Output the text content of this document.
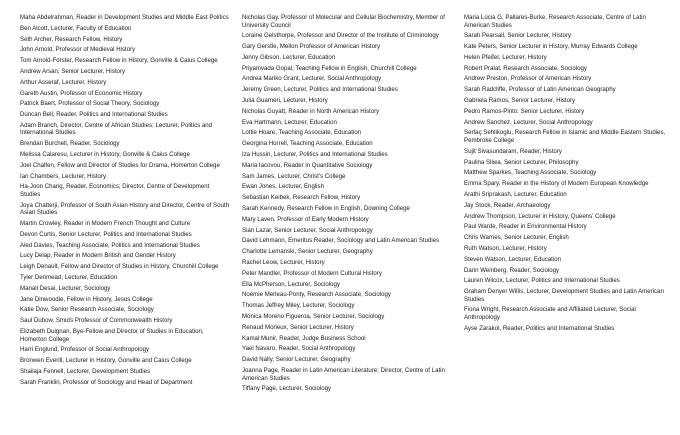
Maha Abdelrahman, Reader in Development Studies and Middle East Politics

Ben Alcott, Lecturer, Faculty of Education

Seth Archer, Research Fellow, History

John Arnold, Professor of Medieval History

Tom Arnold-Forster, Research Fellow in History, Gonville & Caius College

Andrew Arsan, Senior Lecturer, History

Arthur Asseraf, Lecturer, History

Gareth Austin, Professor of Economic History

Patrick Baert, Professor of Social Theory, Sociology

Duncan Bell, Reader, Politics and International Studies

Adam Branch, Director, Centre of African Studies; Lecturer, Politics and International Studies

Brendan Burchell, Reader, Sociology

Melissa Calaresu, Lecturer in History, Gonville & Caius College

Joel Chalfen, Fellow and Director of Studies for Drama, Homerton College

Ian Chambers, Lecturer, History

Ha-Joon Chang, Reader, Economics; Director, Centre of Development Studies

Joya Chatterji, Professor of South Asian History and Director, Centre of South Asian Studies

Martin Crowley, Reader in Modern French Thought and Culture

Devon Curtis, Senior Lecturer, Politics and International Studies

Aled Davies, Teaching Associate, Politics and International Studies

Lucy Delap, Reader in Modern British and Gender History

Leigh Denault, Fellow and Director of Studies in History, Churchill College

Tyler Denmead, Lecturer, Education

Manali Desai, Lecturer, Sociology

Jane Dinwoodie, Fellow in History, Jesus College

Katie Dow, Senior Research Associate, Sociology

Saul Dubow, Smuts Professor of Commonwealth History

Elizabeth Duignan, Bye-Fellow and Director of Studies in Education, Homerton College

Harri Englund, Professor of Social Anthropology

Bronwen Everill, Lecturer in History, Gonville and Caius College

Shailaja Fennell, Lecturer, Development Studies

Sarah Franklin, Professor of Sociology and Head of Department

Nicholas Gay, Professor of Molecular and Cellular Biochemistry, Member of University Council

Loraine Gelsthorpe, Professor and Director of the Institute of Criminology

Gary Gerstle, Mellon Professor of American History

Jenny Gibson, Lecturer, Education

Priyamvada Gopal, Teaching Fellow in English, Churchill College

Andrea Mariko Grant, Lecturer, Social Anthropology

Jeremy Green, Lecturer, Politics and International Studies

Julia Guarneri, Lecturer, History

Nicholas Guyatt, Reader in North American History

Eva Hartmann, Lecturer, Education

Lottie Hoare, Teaching Associate, Education

Georgina Horrell, Teaching Associate, Education

Iza Hussin, Lecturer, Politics and International Studies

Maria Iacovou, Reader in Quantitative Sociology

Sam James, Lecturer, Christ's College

Ewan Jones, Lecturer, English

Sebastian Keibek, Research Fellow, History

Sarah Kennedy, Research Fellow in English, Downing College

Mary Laven, Professor of Early Modern History

Sian Lazar, Senior Lecturer, Social Anthropology

David Lehmann, Emeritus Reader, Sociology and Latin American Studies

Charlotte Lemanski, Senior Lecturer, Geography

Rachel Leow, Lecturer, History

Peter Mandler, Professor of Modern Cultural History

Ella McPherson, Lecturer, Sociology

Noémie Merleau-Ponty, Research Associate, Sociology

Thomas Jeffrey Miley, Lecturer, Sociology

Mónica Moreno Figueroa, Senior Lecturer, Sociology

Renaud Morieux, Senior Lecturer, History

Kamal Munir, Reader, Judge Business School

Yael Navaro, Reader, Social Anthropology

David Nally, Senior Lecturer, Geography

Joanna Page, Reader in Latin American Literature; Director, Centre of Latin American Studies

Tiffany Page, Lecturer, Sociology

Maria Lúcia G. Pallares-Burke, Research Associate, Centre of Latin American Studies

Sarah Pearsall, Senior Lecturer, History

Kate Peters, Senior Lecturer in History, Murray Edwards College

Helen Pfeifer, Lecturer, History

Robert Pralat, Research Associate, Sociology

Andrew Preston, Professor of American History

Sarah Radcliffe, Professor of Latin American Geography

Gabriela Ramos, Senior Lecturer, History

Pedro Ramos-Pinto, Senior Lecturer, History

Andrew Sanchez, Lecturer, Social Anthropology

Sertaç Sehlikoglu, Research Fellow in Islamic and Middle Eastern Studies, Pembroke College

Sujit Sivasundaram, Reader, History

Paulina Sliwa, Senior Lecturer, Philosophy

Matthew Sparkes, Teaching Associate, Sociology

Emma Spary, Reader in the History of Modern European Knowledge

Arathi Sriprakash, Lecturer, Education

Jay Stock, Reader, Archaeology

Andrew Thompson, Lecturer in History, Queens' College

Paul Warde, Reader in Environmental History

Chris Warnes, Senior Lecturer, English

Ruth Watson, Lecturer, History

Steven Watson, Lecturer, Education

Darin Weinberg, Reader, Sociology

Lauren Wilcox, Lecturer, Politics and International Studies

Graham Denyer Willis, Lecturer, Development Studies and Latin American Studies

Fiona Wright, Research Associate and Affiliated Lecturer, Social Anthropology

Ayse Zarakol, Reader, Politics and International Studies
